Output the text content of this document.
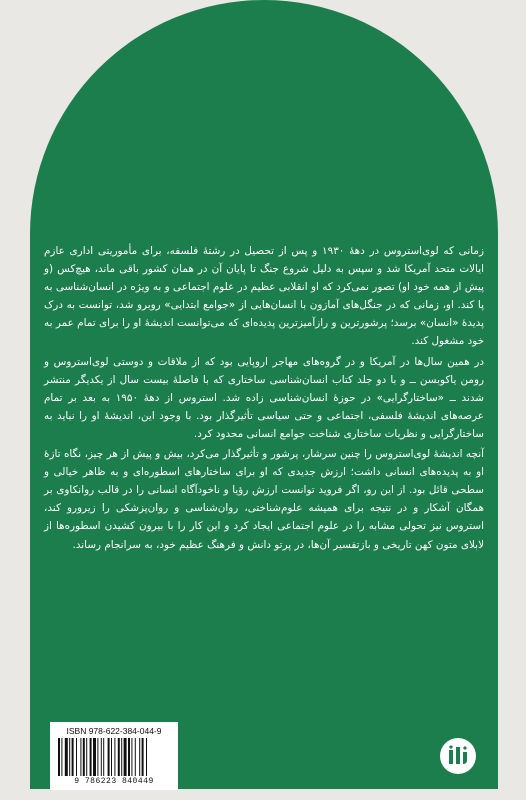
زمانی که لوی‌استروس در دهۀ ۱۹۳۰ و پس از تحصیل در رشتۀ فلسفه، برای مأموریتی اداری عازم ایالات متحد آمریکا شد و سپس به دلیل شروع جنگ تا پایان آن در همان کشور باقی ماند، هیچ‌کس (و پیش از همه خود او) تصور نمی‌کرد که او انقلابی عظیم در علوم اجتماعی و به ویژه در انسان‌شناسی به پا کند. او، زمانی که در جنگل‌های آمازون با انسان‌هایی از «جوامع ابتدایی» روبرو شد، توانست به درک پدیدۀ «انسان» برسد؛ پرشورترین و رازآمیزترین پدیده‌ای که می‌توانست اندیشۀ او را برای تمام عمر به خود مشغول کند.

در همین سال‌ها در آمریکا و در گروه‌های مهاجر اروپایی بود که از ملاقات و دوستی لوی‌استروس و رومن یاکوبسن ــ و با دو جلد کتاب انسان‌شناسی ساختاری که با فاصلۀ بیست سال از یکدیگر منتشر شدند ــ «ساختارگرایی» در حوزۀ انسان‌شناسی زاده شد. استروس از دهۀ ۱۹۵۰ به بعد بر تمام عرصه‌های اندیشۀ فلسفی، اجتماعی و حتی سیاسی تأثیرگذار بود. با وجود این، اندیشۀ او را نباید به ساختارگرایی و نظریات ساختاری شناخت جوامع انسانی محدود کرد.

آنچه اندیشۀ لوی‌استروس را چنین سرشار، پرشور و تأثیرگذار می‌کرد، بیش و پیش از هر چیز، نگاه تازۀ او به پدیده‌های انسانی داشت؛ ارزش جدیدی که او برای ساختارهای اسطوره‌ای و به ظاهر خیالی و سطحی قائل بود. از این رو، اگر فروید توانست ارزش رؤیا و ناخودآگاه انسانی را در قالب روانکاوی بر همگان آشکار و در نتیجه برای همیشه علوم‌شناختی، روان‌شناسی و روان‌پزشکی را زیرورو کند، استروس نیز تحولی مشابه را در علوم اجتماعی ایجاد کرد و این کار را با بیرون کشیدن اسطوره‌ها از لابلای متون کهن تاریخی و بازتفسیر آن‌ها، در پرتو دانش و فرهنگ عظیم خود، به سرانجام رساند.

ISBN 978-622-384-044-9
9 786223 840449
